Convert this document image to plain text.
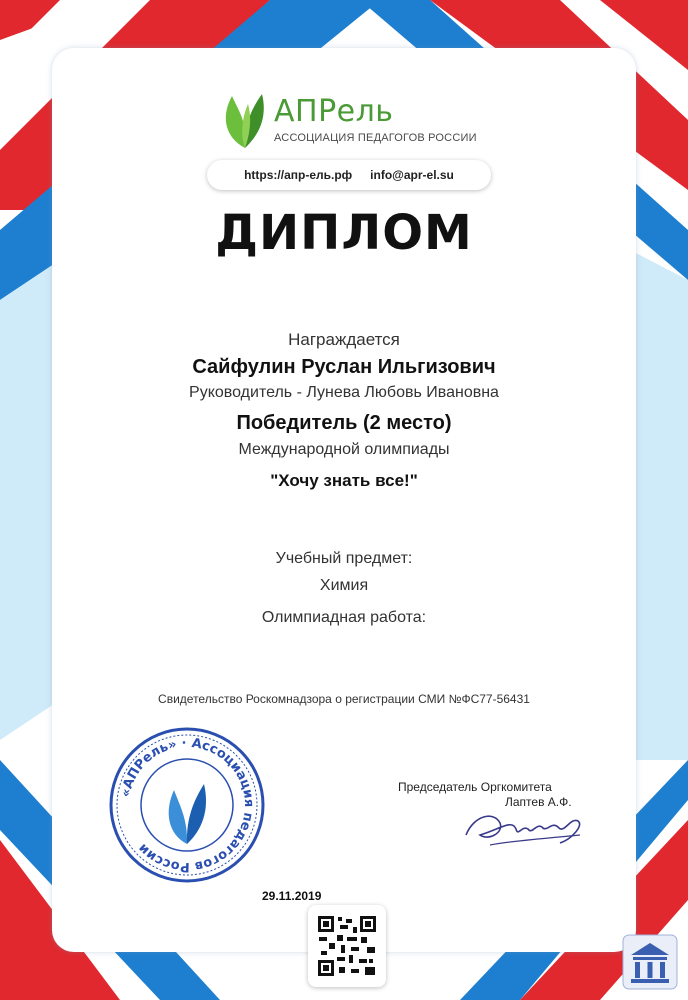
АПРель
АССОЦИАЦИЯ ПЕДАГОГОВ РОССИИ
https://апр-ель.рф info@apr-el.su
ДИПЛОМ
Награждается
Сайфулин Руслан Ильгизович
Руководитель - Лунева Любовь Ивановна
Победитель (2 место)
Международной олимпиады
"Хочу знать все!"
Учебный предмет:
Химия
Олимпиадная работа:
Свидетельство Роскомнадзора о регистрации СМИ №ФС77-56431
«АПРель» · Ассоциация педагогов России
Председатель Оргкомитета
Лаптев А.Ф.
29.11.2019
